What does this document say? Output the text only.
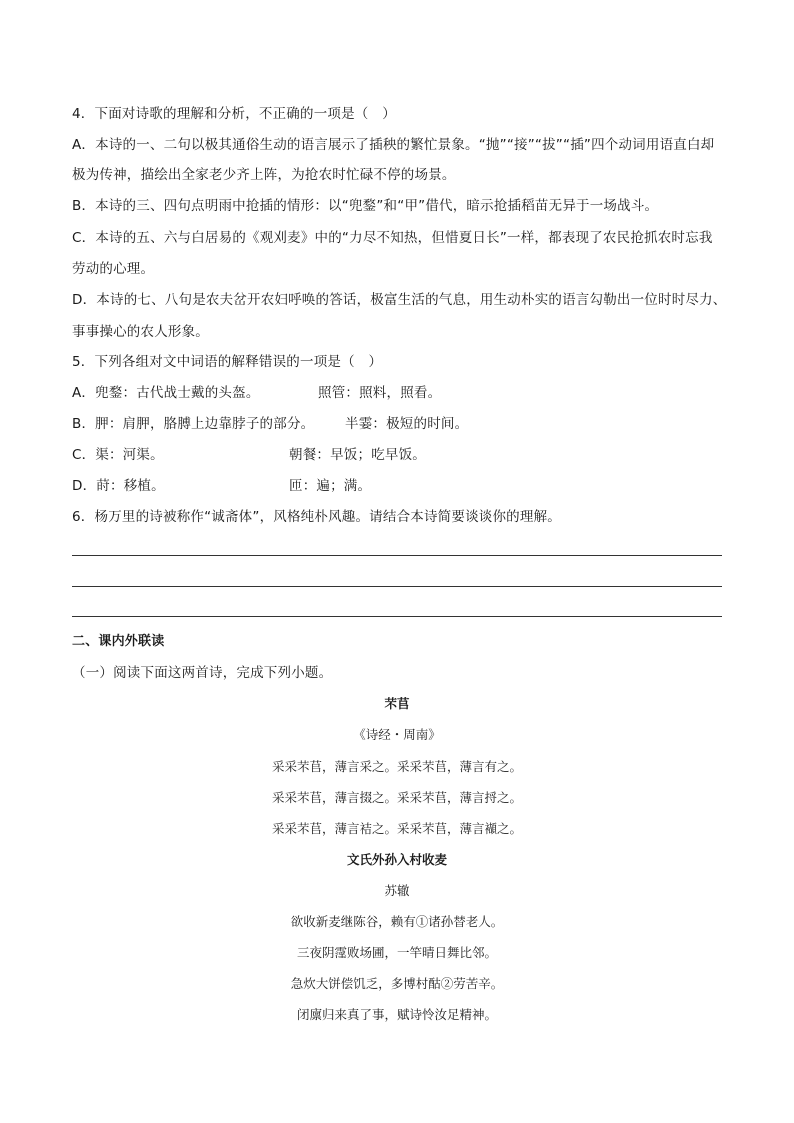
4．下面对诗歌的理解和分析，不正确的一项是（　）
A．本诗的一、二句以极其通俗生动的语言展示了插秧的繁忙景象。“抛”“接”“拔”“插”四个动词用语直白却
极为传神，描绘出全家老少齐上阵，为抢农时忙碌不停的场景。
B．本诗的三、四句点明雨中抢插的情形：以“兜鍪”和“甲”借代，暗示抢插稻苗无异于一场战斗。
C．本诗的五、六与白居易的《观刈麦》中的“力尽不知热，但惜夏日长”一样，都表现了农民抢抓农时忘我
劳动的心理。
D．本诗的七、八句是农夫岔开农妇呼唤的答话，极富生活的气息，用生动朴实的语言勾勒出一位时时尽力、
事事操心的农人形象。
5．下列各组对文中词语的解释错误的一项是（　）
A．兜鍪：古代战士戴的头盔。	照管：照料，照看。
B．胛：肩胛，胳膊上边靠脖子的部分。 半霎：极短的时间。
C．渠：河渠。	朝餐：早饭；吃早饭。
D．莳：移植。	匝：遍；满。
6．杨万里的诗被称作“诚斋体”，风格纯朴风趣。请结合本诗简要谈谈你的理解。
二、课内外联读
（一）阅读下面这两首诗，完成下列小题。
芣苢
《诗经・周南》
采采芣苢，薄言采之。采采芣苢，薄言有之。
采采芣苢，薄言掇之。采采芣苢，薄言捋之。
采采芣苢，薄言袺之。采采芣苢，薄言襭之。
文氏外孙入村收麦
苏辙
欲收新麦继陈谷，赖有①诸孙替老人。
三夜阴霪败场圃，一竿晴日舞比邻。
急炊大饼偿饥乏，多博村酤②劳苦辛。
闭廪归来真了事，赋诗怜汝足精神。
